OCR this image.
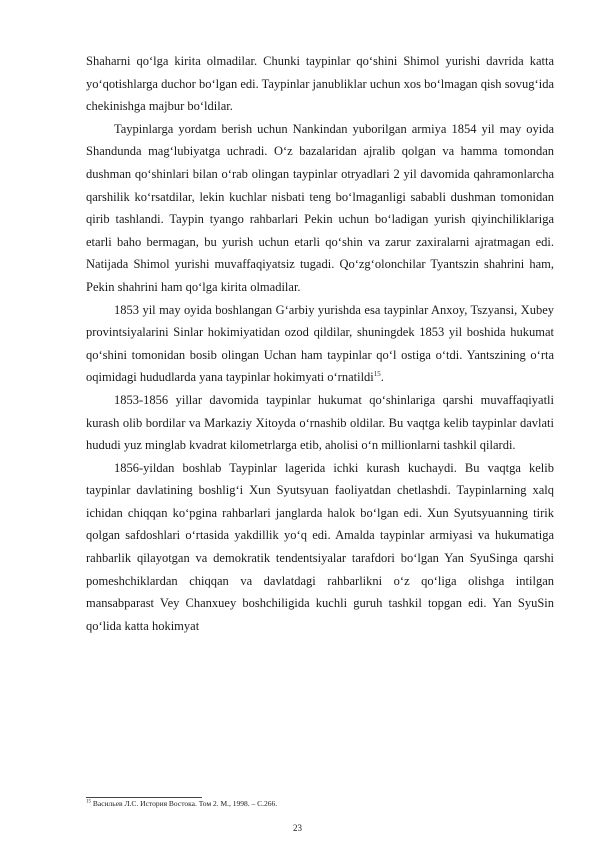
Shaharni qoʻlga kirita olmadilar. Chunki taypinlar qoʻshini Shimol yurishi davrida katta yoʻqotishlarga duchor boʻlgan edi. Taypinlar janubliklar uchun xos boʻlmagan qish sovugʻida chekinishga majbur boʻldilar.

Taypinlarga yordam berish uchun Nankindan yuborilgan armiya 1854 yil may oyida Shandunda magʻlubiyatga uchradi. Oʻz bazalaridan ajralib qolgan va hamma tomondan dushman qoʻshinlari bilan oʻrab olingan taypinlar otryadlari 2 yil davomida qahramonlarcha qarshilik koʻrsatdilar, lekin kuchlar nisbati teng boʻlmaganligi sababli dushman tomonidan qirib tashlandi. Taypin tyango rahbarlari Pekin uchun boʻladigan yurish qiyinchiliklariga etarli baho bermagan, bu yurish uchun etarli qoʻshin va zarur zaxiralarni ajratmagan edi. Natijada Shimol yurishi muvaffaqiyatsiz tugadi. Qoʻzgʻolonchilar Tyantszin shahrini ham, Pekin shahrini ham qoʻlga kirita olmadilar.

1853 yil may oyida boshlangan Gʻarbiy yurishda esa taypinlar Anxoy, Tszyansi, Xubey provintsiyalarini Sinlar hokimiyatidan ozod qildilar, shuningdek 1853 yil boshida hukumat qoʻshini tomonidan bosib olingan Uchan ham taypinlar qoʻl ostiga oʻtdi. Yantszining oʻrta oqimidagi hududlarda yana taypinlar hokimyati oʻrnatildi$^{15}$.

1853-1856 yillar davomida taypinlar hukumat qoʻshinlariga qarshi muvaffaqiyatli kurash olib bordilar va Markaziy Xitoyda oʻrnashib oldilar. Bu vaqtga kelib taypinlar davlati hududi yuz minglab kvadrat kilometrlarga etib, aholisi oʻn millionlarni tashkil qilardi.

1856-yildan boshlab Taypinlar lagerida ichki kurash kuchaydi. Bu vaqtga kelib taypinlar davlatining boshligʻi Xun Syutsyuan faoliyatdan chetlashdi. Taypinlarning xalq ichidan chiqqan koʻpgina rahbarlari janglarda halok boʻlgan edi. Xun Syutsyuanning tirik qolgan safdoshlari oʻrtasida yakdillik yoʻq edi. Amalda taypinlar armiyasi va hukumatiga rahbarlik qilayotgan va demokratik tendentsiyalar tarafdori boʻlgan Yan SyuSinga qarshi pomeshchiklardan chiqqan va davlatdagi rahbarlikni oʻz qoʻliga olishga intilgan mansabparast Vey Chanxuey boshchiligida kuchli guruh tashkil topgan edi. Yan SyuSin qoʻlida katta hokimyat

$^{15}$ Васильев Л.С. История Востока. Том 2. М., 1998. – С.266.
23
